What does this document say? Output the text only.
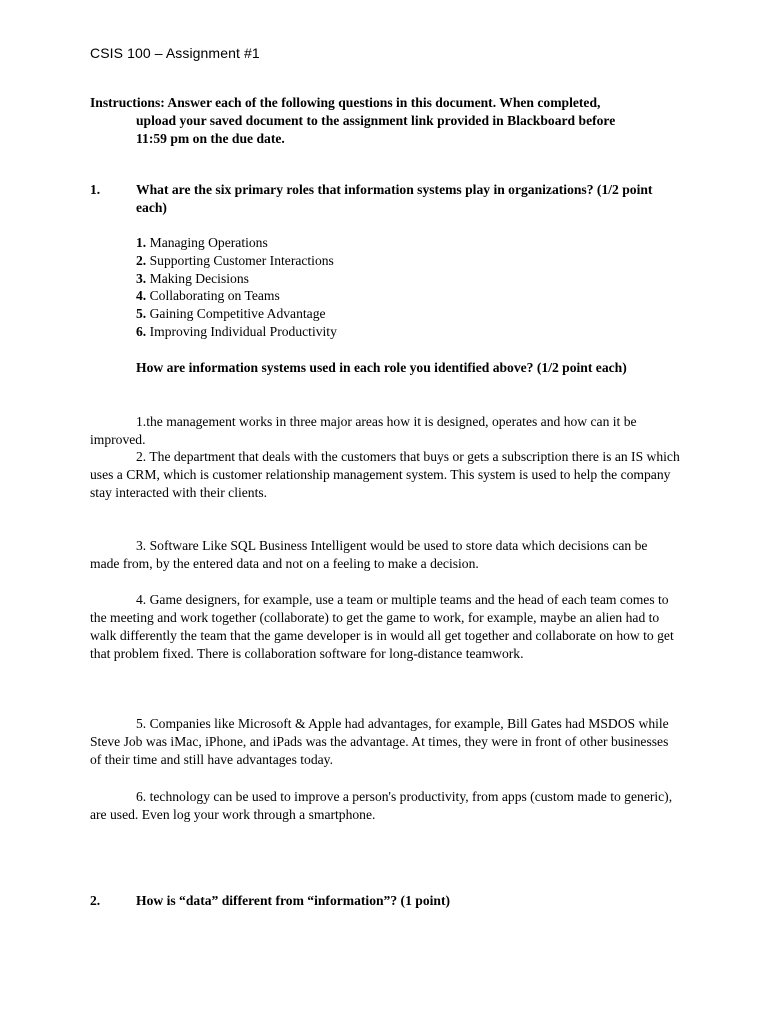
CSIS 100 – Assignment #1
Instructions: Answer each of the following questions in this document. When completed,
upload your saved document to the assignment link provided in Blackboard before
11:59 pm on the due date.
1.	What are the six primary roles that information systems play in organizations? (1/2 point each)
1. Managing Operations
2. Supporting Customer Interactions
3. Making Decisions
4. Collaborating on Teams
5. Gaining Competitive Advantage
6. Improving Individual Productivity
How are information systems used in each role you identified above? (1/2 point each)

1.the management works in three major areas how it is designed, operates and how can it be improved.

2. The department that deals with the customers that buys or gets a subscription there is an IS which uses a CRM, which is customer relationship management system. This system is used to help the company stay interacted with their clients.

3. Software Like SQL Business Intelligent would be used to store data which decisions can be made from, by the entered data and not on a feeling to make a decision.

4. Game designers, for example, use a team or multiple teams and the head of each team comes to the meeting and work together (collaborate) to get the game to work, for example, maybe an alien had to walk differently the team that the game developer is in would all get together and collaborate on how to get that problem fixed. There is collaboration software for long-distance teamwork.

5. Companies like Microsoft & Apple had advantages, for example, Bill Gates had MSDOS while Steve Job was iMac, iPhone, and iPads was the advantage. At times, they were in front of other businesses of their time and still have advantages today.

6. technology can be used to improve a person's productivity, from apps (custom made to generic), are used. Even log your work through a smartphone.

2.	How is “data” different from “information”? (1 point)
